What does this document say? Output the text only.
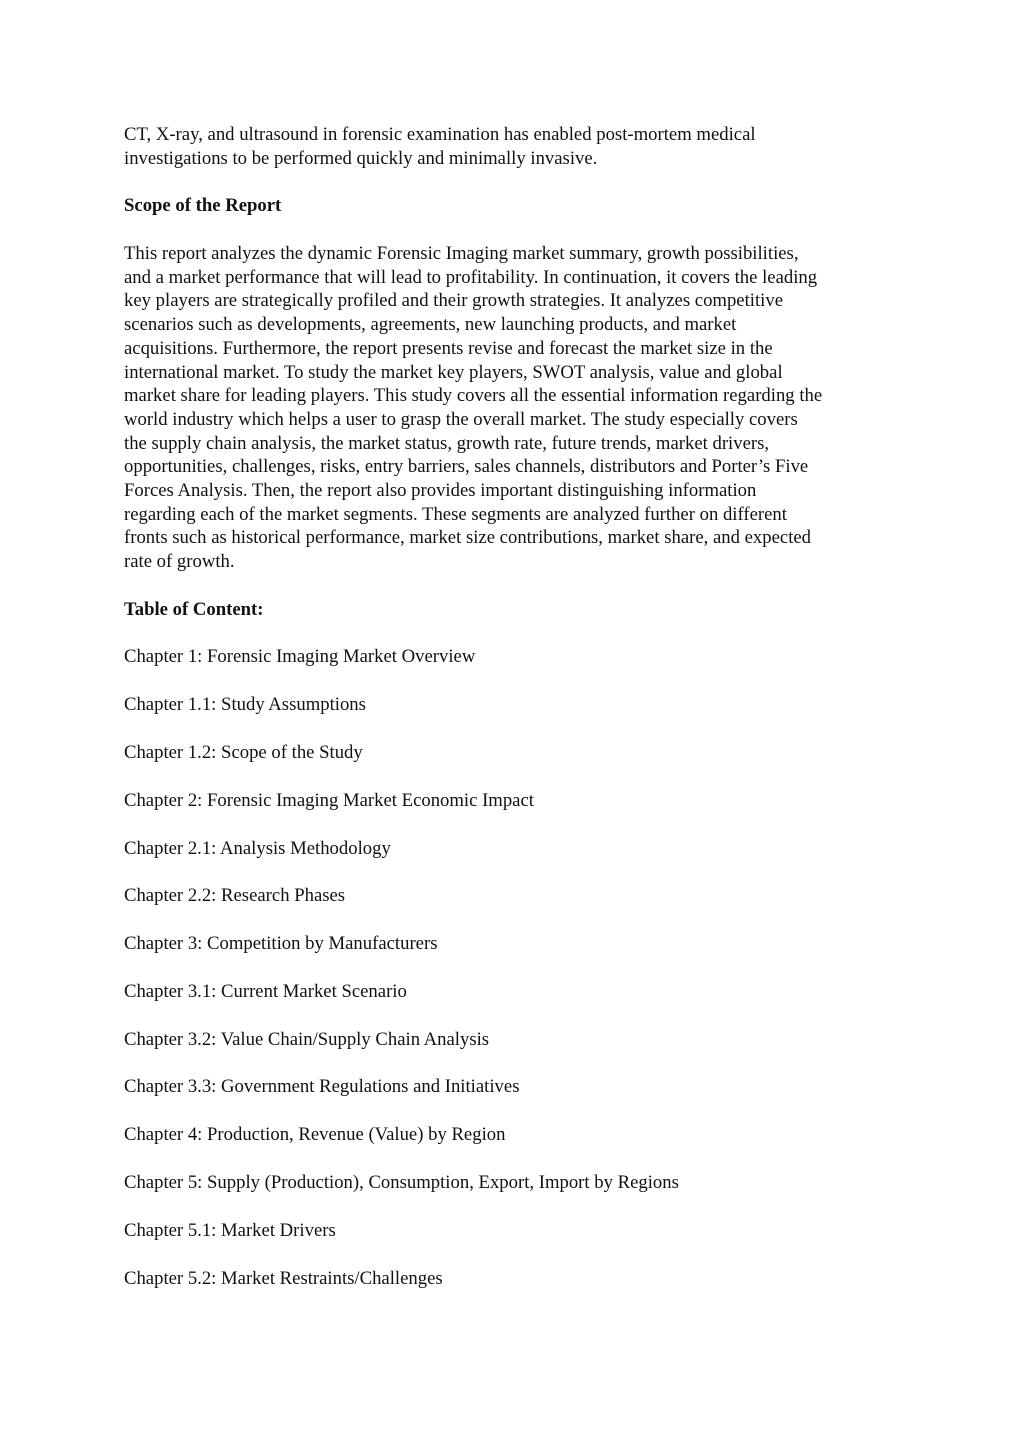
CT, X-ray, and ultrasound in forensic examination has enabled post-mortem medical
investigations to be performed quickly and minimally invasive.
Scope of the Report
This report analyzes the dynamic Forensic Imaging market summary, growth possibilities,
and a market performance that will lead to profitability. In continuation, it covers the leading
key players are strategically profiled and their growth strategies. It analyzes competitive
scenarios such as developments, agreements, new launching products, and market
acquisitions. Furthermore, the report presents revise and forecast the market size in the
international market. To study the market key players, SWOT analysis, value and global
market share for leading players. This study covers all the essential information regarding the
world industry which helps a user to grasp the overall market. The study especially covers
the supply chain analysis, the market status, growth rate, future trends, market drivers,
opportunities, challenges, risks, entry barriers, sales channels, distributors and Porter’s Five
Forces Analysis. Then, the report also provides important distinguishing information
regarding each of the market segments. These segments are analyzed further on different
fronts such as historical performance, market size contributions, market share, and expected
rate of growth.
Table of Content:
Chapter 1: Forensic Imaging Market Overview
Chapter 1.1: Study Assumptions
Chapter 1.2: Scope of the Study
Chapter 2: Forensic Imaging Market Economic Impact
Chapter 2.1: Analysis Methodology
Chapter 2.2: Research Phases
Chapter 3: Competition by Manufacturers
Chapter 3.1: Current Market Scenario
Chapter 3.2: Value Chain/Supply Chain Analysis
Chapter 3.3: Government Regulations and Initiatives
Chapter 4: Production, Revenue (Value) by Region
Chapter 5: Supply (Production), Consumption, Export, Import by Regions
Chapter 5.1: Market Drivers
Chapter 5.2: Market Restraints/Challenges
